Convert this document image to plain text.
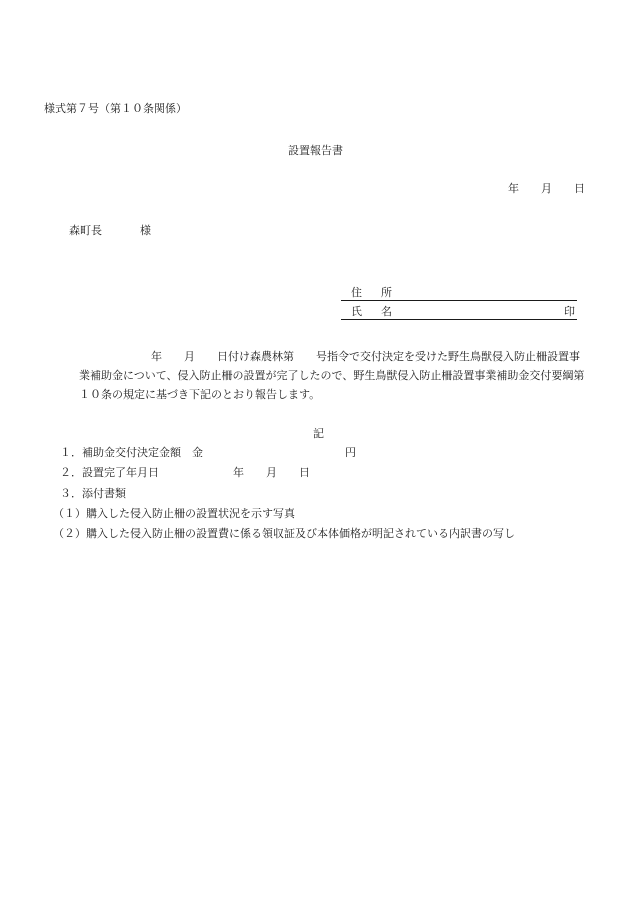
様式第７号（第１０条関係）
設置報告書
年　　月　　日
森町長	様
住　所
氏　名	印
年　　月　　日付け森農林第　　号指令で交付決定を受けた野生鳥獣侵入防止柵設置事業補助金について、侵入防止柵の設置が完了したので、野生鳥獣侵入防止柵設置事業補助金交付要綱第１０条の規定に基づき下記のとおり報告します。
記
１．補助金交付決定金額　金	円
２．設置完了年月日	年　　月　　日
３．添付書類
（１）購入した侵入防止柵の設置状況を示す写真
（２）購入した侵入防止柵の設置費に係る領収証及び本体価格が明記されている内訳書の写し
